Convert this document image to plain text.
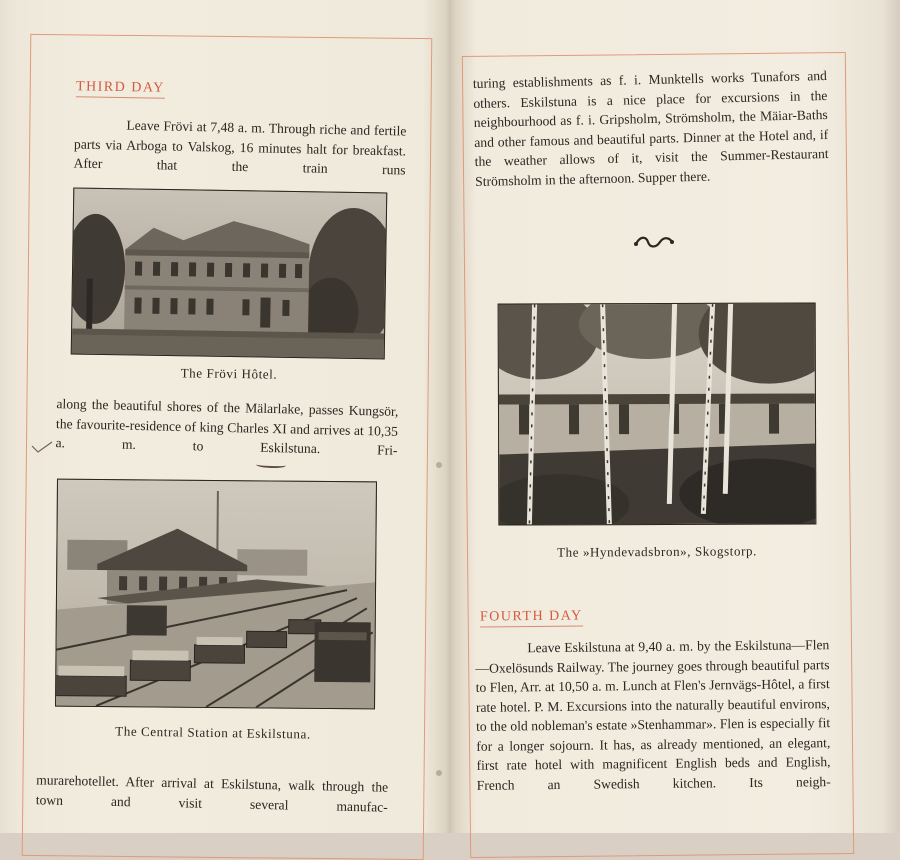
THIRD DAY
Leave Frövi at 7,48 a. m. Through riche and fertile parts via Arboga to Valskog, 16 minutes halt for breakfast. After that the train runs
The Frövi Hôtel.
along the beautiful shores of the Mälarlake, passes Kungsör, the favourite-residence of king Charles XI and arrives at 10,35 a. m. to Eskilstuna. Fri-
The Central Station at Eskilstuna.
murarehotellet. After arrival at Eskilstuna, walk through the town and visit several manufac-
turing establishments as f. i. Munktells works Tunafors and others. Eskilstuna is a nice place for excursions in the neighbourhood as f. i. Gripsholm, Strömsholm, the Mäiar-Baths and other famous and beautiful parts. Dinner at the Hotel and, if the weather allows of it, visit the Summer-Restaurant Strömsholm in the afternoon. Supper there.
The »Hyndevadsbron», Skogstorp.
FOURTH DAY
Leave Eskilstuna at 9,40 a. m. by the Eskilstuna—Flen—Oxelösunds Railway. The journey goes through beautiful parts to Flen, Arr. at 10,50 a. m. Lunch at Flen's Jernvägs-Hôtel, a first rate hotel. P. M. Excursions into the naturally beautiful environs, to the old nobleman's estate »Stenhammar». Flen is especially fit for a longer sojourn. It has, as already mentioned, an elegant, first rate hotel with magnificent English beds and English, French an Swedish kitchen. Its neigh-
